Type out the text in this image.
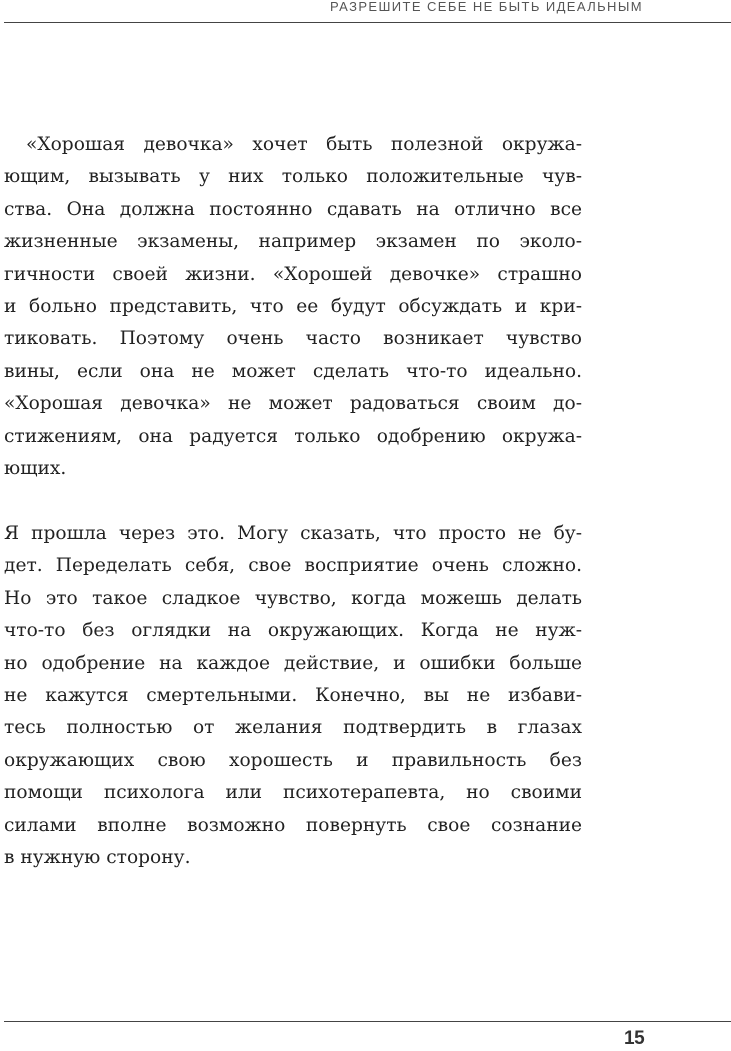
РАЗРЕШИТЕ СЕБЕ НЕ БЫТЬ ИДЕАЛЬНЫМ
«Хорошая девочка» хочет быть полезной окружа-
ющим, вызывать у них только положительные чув-
ства. Она должна постоянно сдавать на отлично все
жизненные экзамены, например экзамен по эколо-
гичности своей жизни. «Хорошей девочке» страшно
и больно представить, что ее будут обсуждать и кри-
тиковать. Поэтому очень часто возникает чувство
вины, если она не может сделать что-то идеально.
«Хорошая девочка» не может радоваться своим до-
стижениям, она радуется только одобрению окружа-
ющих.
Я прошла через это. Могу сказать, что просто не бу-
дет. Переделать себя, свое восприятие очень сложно.
Но это такое сладкое чувство, когда можешь делать
что-то без оглядки на окружающих. Когда не нуж-
но одобрение на каждое действие, и ошибки больше
не кажутся смертельными. Конечно, вы не избави-
тесь полностью от желания подтвердить в глазах
окружающих свою хорошесть и правильность без
помощи психолога или психотерапевта, но своими
силами вполне возможно повернуть свое сознание
в нужную сторону.
15
